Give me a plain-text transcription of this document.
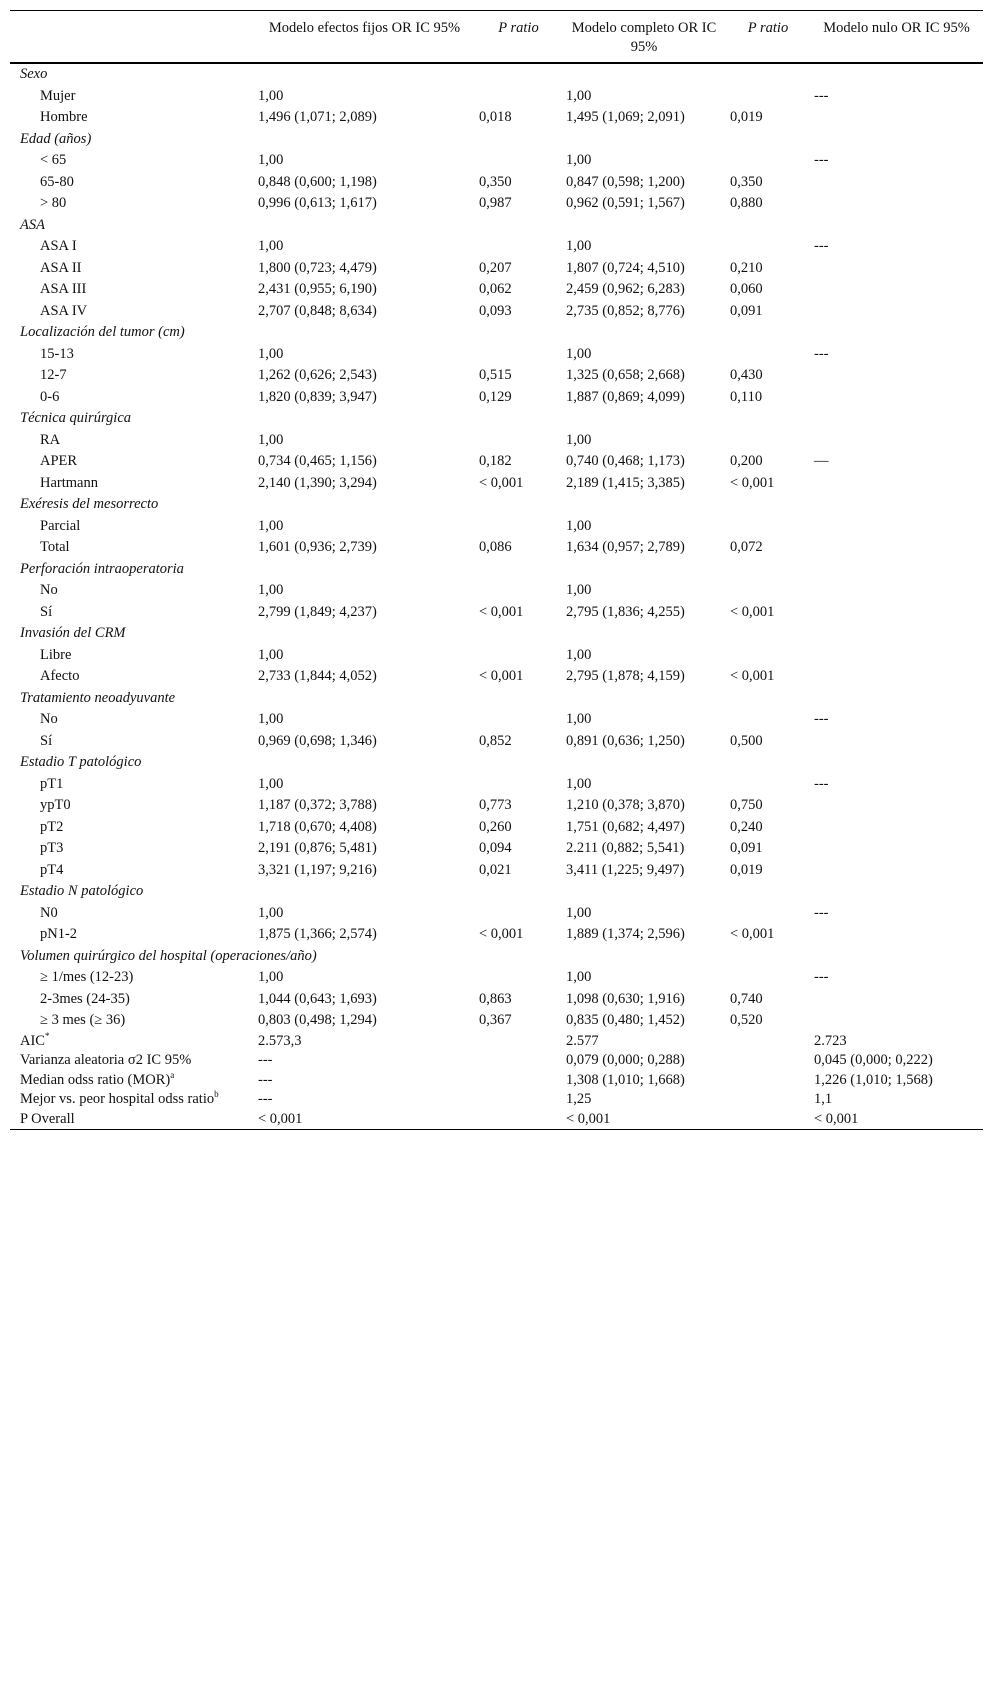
	Modelo efectos fijos OR IC 95%	P ratio	Modelo completo OR IC 95%	P ratio	Modelo nulo OR IC 95%
Sexo					
Mujer	1,00		1,00		---
Hombre	1,496 (1,071; 2,089)	0,018	1,495 (1,069; 2,091)	0,019	
Edad (años)					
< 65	1,00		1,00		---
65-80	0,848 (0,600; 1,198)	0,350	0,847 (0,598; 1,200)	0,350	
> 80	0,996 (0,613; 1,617)	0,987	0,962 (0,591; 1,567)	0,880	
ASA					
ASA I	1,00		1,00		---
ASA II	1,800 (0,723; 4,479)	0,207	1,807 (0,724; 4,510)	0,210	
ASA III	2,431 (0,955; 6,190)	0,062	2,459 (0,962; 6,283)	0,060	
ASA IV	2,707 (0,848; 8,634)	0,093	2,735 (0,852; 8,776)	0,091	
Localización del tumor (cm)					
15-13	1,00		1,00		---
12-7	1,262 (0,626; 2,543)	0,515	1,325 (0,658; 2,668)	0,430	
0-6	1,820 (0,839; 3,947)	0,129	1,887 (0,869; 4,099)	0,110	
Técnica quirúrgica					
RA	1,00		1,00		
APER	0,734 (0,465; 1,156)	0,182	0,740 (0,468; 1,173)	0,200	—
Hartmann	2,140 (1,390; 3,294)	< 0,001	2,189 (1,415; 3,385)	< 0,001	
Exéresis del mesorrecto					
Parcial	1,00		1,00		
Total	1,601 (0,936; 2,739)	0,086	1,634 (0,957; 2,789)	0,072	
Perforación intraoperatoria					
No	1,00		1,00		
Sí	2,799 (1,849; 4,237)	< 0,001	2,795 (1,836; 4,255)	< 0,001	
Invasión del CRM					
Libre	1,00		1,00		
Afecto	2,733 (1,844; 4,052)	< 0,001	2,795 (1,878; 4,159)	< 0,001	
Tratamiento neoadyuvante					
No	1,00		1,00		---
Sí	0,969 (0,698; 1,346)	0,852	0,891 (0,636; 1,250)	0,500	
Estadio T patológico					
pT1	1,00		1,00		---
ypT0	1,187 (0,372; 3,788)	0,773	1,210 (0,378; 3,870)	0,750	
pT2	1,718 (0,670; 4,408)	0,260	1,751 (0,682; 4,497)	0,240	
pT3	2,191 (0,876; 5,481)	0,094	2.211 (0,882; 5,541)	0,091	
pT4	3,321 (1,197; 9,216)	0,021	3,411 (1,225; 9,497)	0,019	
Estadio N patológico					
N0	1,00		1,00		---
pN1-2	1,875 (1,366; 2,574)	< 0,001	1,889 (1,374; 2,596)	< 0,001	
Volumen quirúrgico del hospital (operaciones/año)					
≥ 1/mes (12-23)	1,00		1,00		---
2-3mes (24-35)	1,044 (0,643; 1,693)	0,863	1,098 (0,630; 1,916)	0,740	
≥ 3 mes (≥ 36)	0,803 (0,498; 1,294)	0,367	0,835 (0,480; 1,452)	0,520	
AIC*	2.573,3		2.577		2.723
Varianza aleatoria σ2 IC 95%	---		0,079 (0,000; 0,288)		0,045 (0,000; 0,222)
Median odss ratio (MOR)$^a$	---		1,308 (1,010; 1,668)		1,226 (1,010; 1,568)
Mejor vs. peor hospital odss ratio$^b$	---		1,25		1,1
P Overall	< 0,001		< 0,001		< 0,001
